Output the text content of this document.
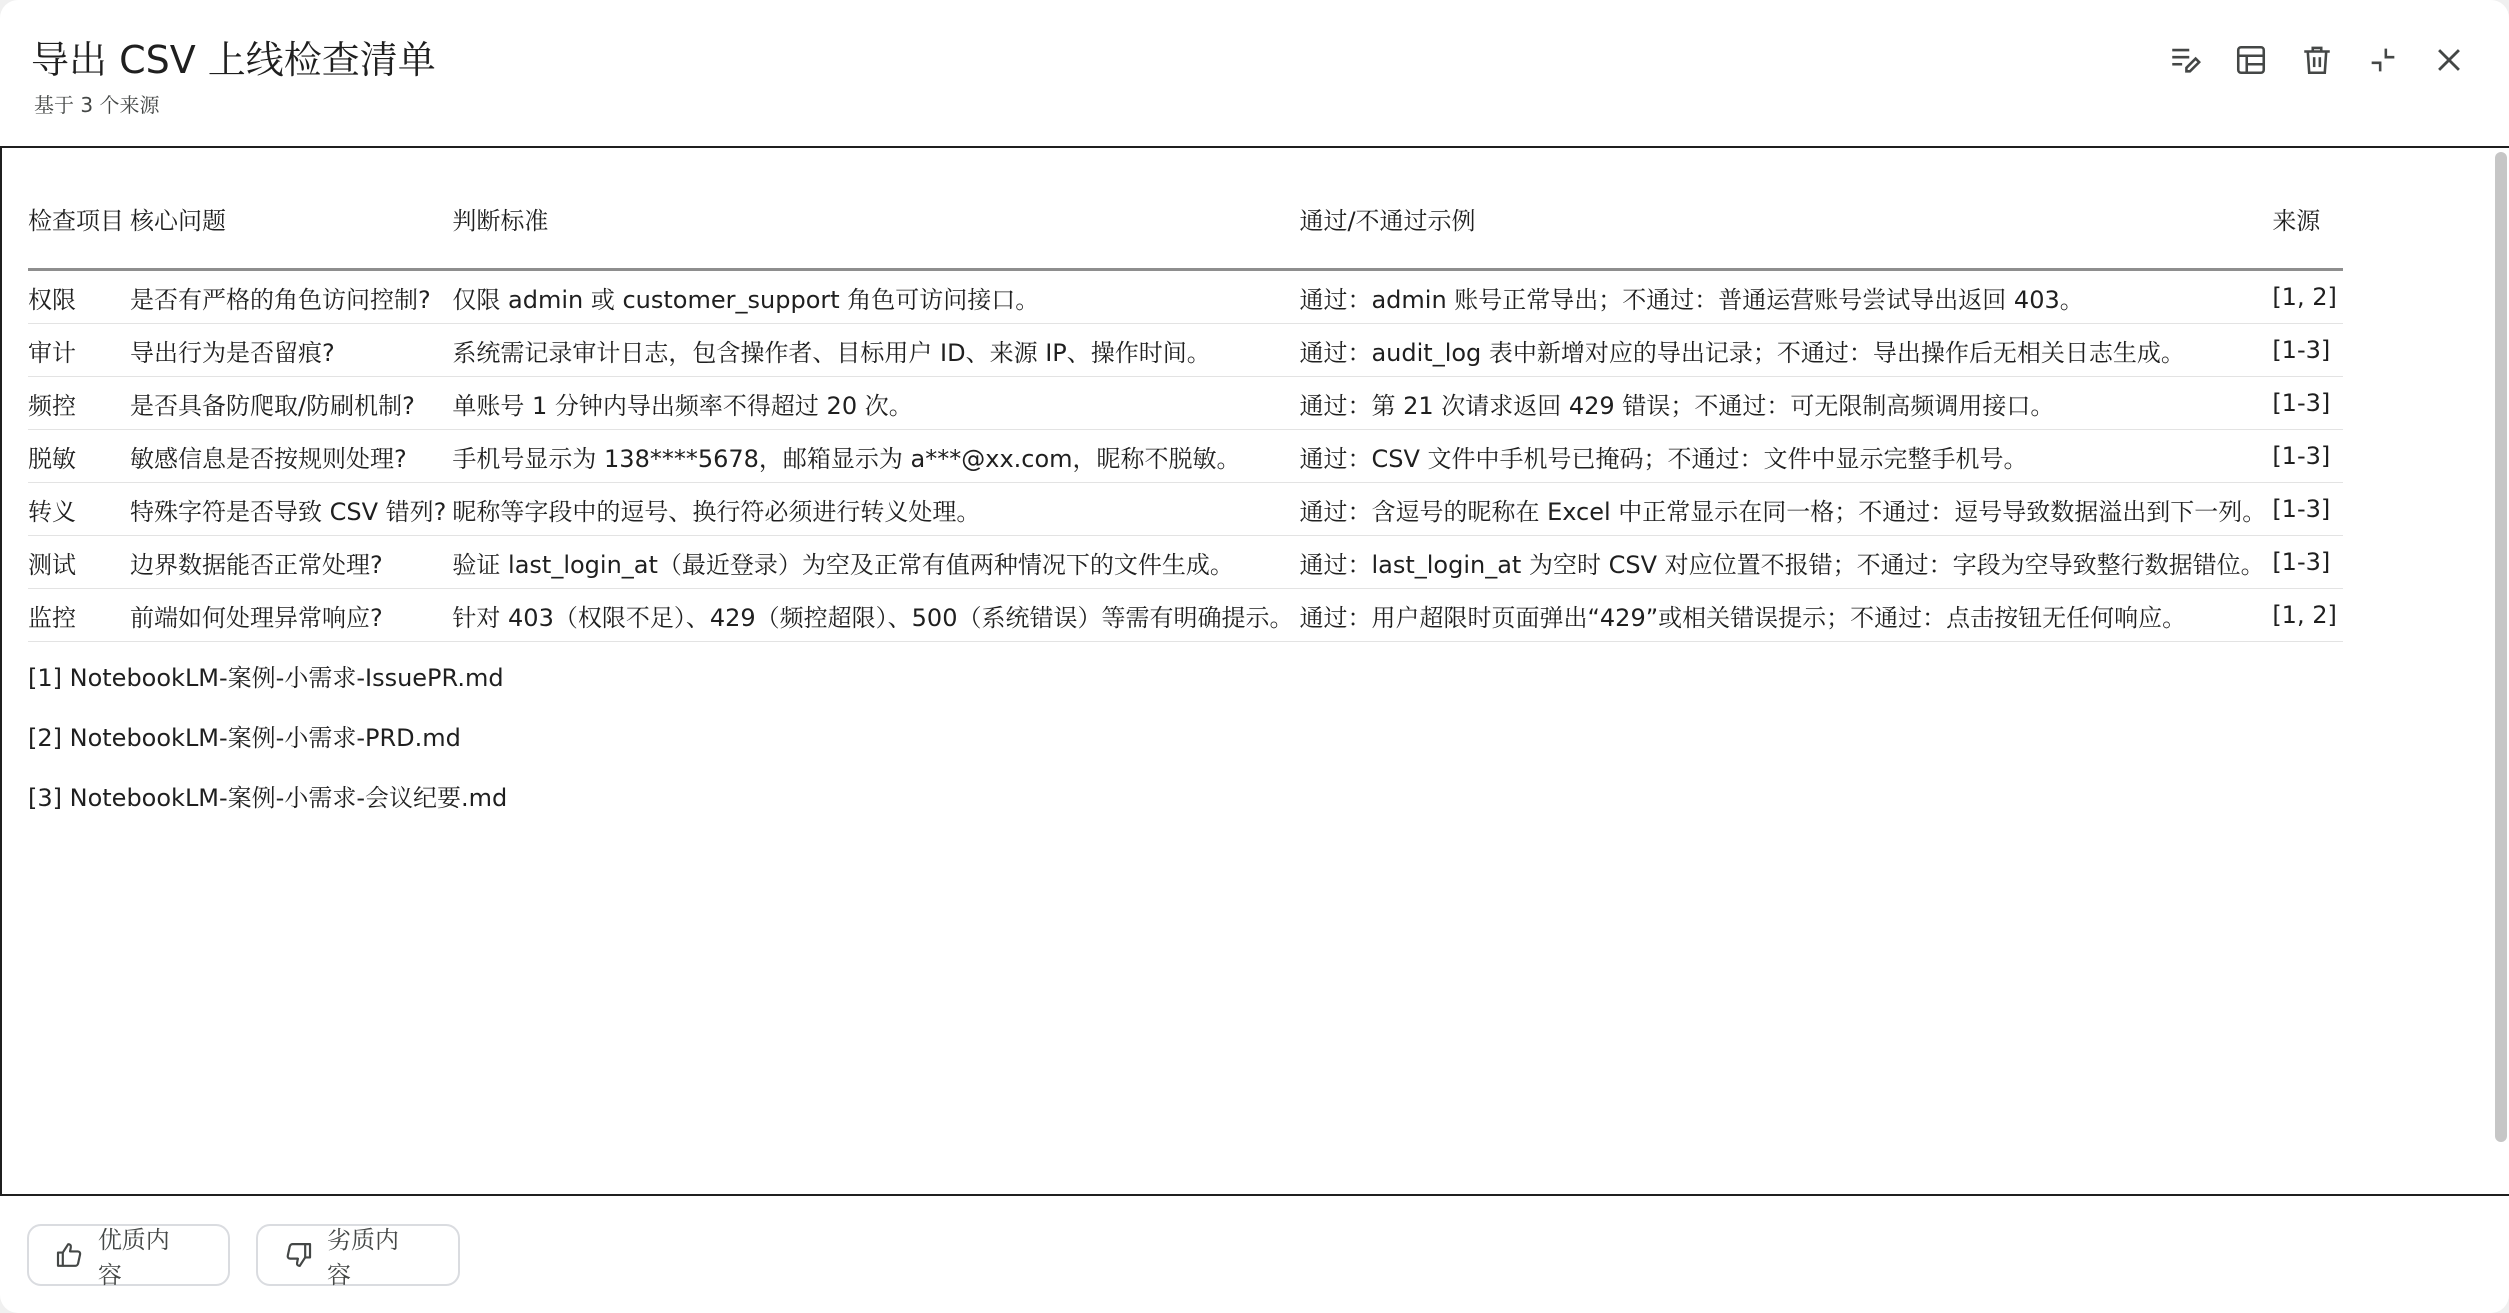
导出 CSV 上线检查清单
基于 3 个来源
检查项目	核心问题	判断标准	通过/不通过示例	来源
权限	是否有严格的角色访问控制?	仅限 admin 或 customer_support 角色可访问接口。	通过：admin 账号正常导出；不通过：普通运营账号尝试导出返回 403。	[1, 2]
审计	导出行为是否留痕?	系统需记录审计日志，包含操作者、目标用户 ID、来源 IP、操作时间。	通过：audit_log 表中新增对应的导出记录；不通过：导出操作后无相关日志生成。	[1-3]
频控	是否具备防爬取/防刷机制?	单账号 1 分钟内导出频率不得超过 20 次。	通过：第 21 次请求返回 429 错误；不通过：可无限制高频调用接口。	[1-3]
脱敏	敏感信息是否按规则处理?	手机号显示为 138****5678，邮箱显示为 a***@xx.com，昵称不脱敏。	通过：CSV 文件中手机号已掩码；不通过：文件中显示完整手机号。	[1-3]
转义	特殊字符是否导致 CSV 错列?	昵称等字段中的逗号、换行符必须进行转义处理。	通过：含逗号的昵称在 Excel 中正常显示在同一格；不通过：逗号导致数据溢出到下一列。	[1-3]
测试	边界数据能否正常处理?	验证 last_login_at（最近登录）为空及正常有值两种情况下的文件生成。	通过：last_login_at 为空时 CSV 对应位置不报错；不通过：字段为空导致整行数据错位。	[1-3]
监控	前端如何处理异常响应?	针对 403（权限不足）、429（频控超限）、500（系统错误）等需有明确提示。	通过：用户超限时页面弹出“429”或相关错误提示；不通过：点击按钮无任何响应。	[1, 2]
[1] NotebookLM-案例-小需求-IssuePR.md
[2] NotebookLM-案例-小需求-PRD.md
[3] NotebookLM-案例-小需求-会议纪要.md
优质内容
劣质内容
